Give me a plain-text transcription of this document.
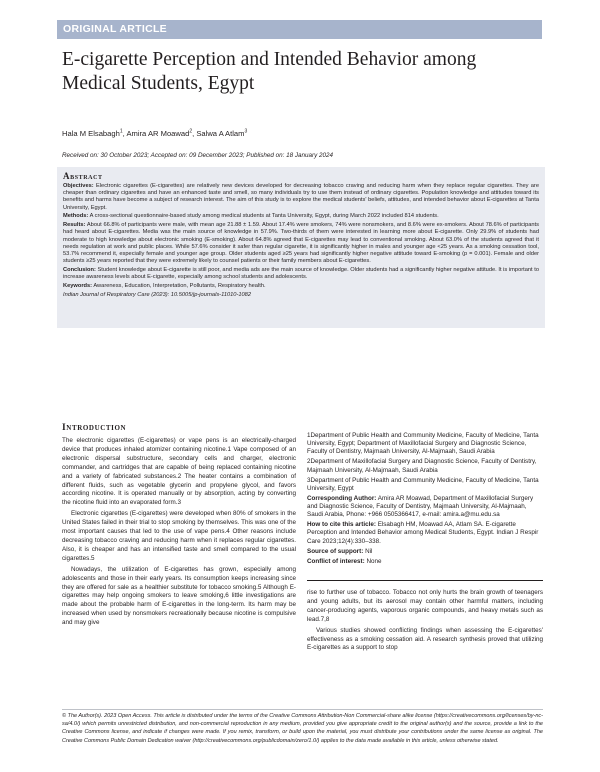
ORIGINAL ARTICLE
E-cigarette Perception and Intended Behavior among Medical Students, Egypt
Hala M Elsabagh$^1$, Amira AR Moawad$^2$, Salwa A Atlam$^3$
Received on: 30 October 2023; Accepted on: 09 December 2023; Published on: 18 January 2024
Abstract

Objectives: Electronic cigarettes (E-cigarettes) are relatively new devices developed for decreasing tobacco craving and reducing harm when they replace regular cigarettes. They are cheaper than ordinary cigarettes and have an enhanced taste and smell, so many individuals try to use them instead of ordinary cigarettes. Population knowledge and attitudes toward its benefits and harms have become a subject of research interest. The aim of this study is to explore the medical students' beliefs, attitudes, and intended behavior about E-cigarettes at Tanta University, Egypt.

Methods: A cross-sectional questionnaire-based study among medical students at Tanta University, Egypt, during March 2022 included 814 students.

Results: About 66.8% of participants were male, with mean age 21.88 ± 1.59. About 17.4% were smokers, 74% were nonsmokers, and 8.6% were ex-smokers. About 78.6% of participants had heard about E-cigarettes. Media was the main source of knowledge in 57.9%. Two-thirds of them were interested in learning more about E-cigarette. Only 29.9% of students had moderate to high knowledge about electronic smoking (E-smoking). About 64.8% agreed that E-cigarettes may lead to conventional smoking. About 63.0% of the students agreed that it needs regulation at work and public places. While 57.6% consider it safer than regular cigarette, it is significantly higher in males and younger age <25 years. As a smoking cessation tool, 53.7% recommend it, especially female and younger age group. Older students aged ≥25 years had significantly higher negative attitude toward E-smoking (p = 0.001). Female and older students ≥25 years reported that they were extremely likely to counsel patients or their family members about E-cigarettes.

Conclusion: Student knowledge about E-cigarette is still poor, and media ads are the main source of knowledge. Older students had a significantly higher negative attitude. It is important to increase awareness levels about E-cigarette, especially among school students and adolescents.

Keywords: Awareness, Education, Interpretation, Pollutants, Respiratory health.

Indian Journal of Respiratory Care (2023): 10.5005/jp-journals-11010-1082
Introduction

The electronic cigarettes (E-cigarettes) or vape pens is an electrically-charged device that produces inhaled atomizer containing nicotine.1 Vape composed of an electronic dispersal substructure, secondary cells and charger, electronic commander, and cartridges that are capable of being replaced containing nicotine and a variety of fabricated substances.2 The heater contains a combination of different fluids, such as vegetable glycerin and propylene glycol, and favors according nicotine. It is operated manually or by absorption, acting by converting the nicotine fluid into an evaporated form.3

Electronic cigarettes (E-cigarettes) were developed when 80% of smokers in the United States failed in their trial to stop smoking by themselves. This was one of the most important causes that led to the use of vape pens.4 Other reasons include decreasing tobacco craving and reducing harm when it replaces regular cigarettes. Also, it is cheaper and has an intensified taste and smell compared to the usual cigarettes.5

Nowadays, the utilization of E-cigarettes has grown, especially among adolescents and those in their early years. Its consumption keeps increasing since they are offered for sale as a healthier substitute for tobacco smoking.5 Although E-cigarettes may help ongoing smokers to leave smoking,6 little investigations are made about the probable harm of E-cigarettes in the long-term. Its harm may be increased when used by nonsmokers recreationally because nicotine is compulsive and may give

1Department of Public Health and Community Medicine, Faculty of Medicine, Tanta University, Egypt; Department of Maxillofacial Surgery and Diagnostic Science, Faculty of Dentistry, Majmaah University, Al-Majmaah, Saudi Arabia

2Department of Maxillofacial Surgery and Diagnostic Science, Faculty of Dentistry, Majmaah University, Al-Majmaah, Saudi Arabia

3Department of Public Health and Community Medicine, Faculty of Medicine, Tanta University, Egypt

Corresponding Author: Amira AR Moawad, Department of Maxillofacial Surgery and Diagnostic Science, Faculty of Dentistry, Majmaah University, Al-Majmaah, Saudi Arabia, Phone: +966 0505366417, e-mail: amira.a@mu.edu.sa

How to cite this article: Elsabagh HM, Moawad AA, Atlam SA. E-cigarette Perception and Intended Behavior among Medical Students, Egypt. Indian J Respir Care 2023;12(4):330–338.

Source of support: Nil

Conflict of interest: None

rise to further use of tobacco. Tobacco not only hurts the brain growth of teenagers and young adults, but its aerosol may contain other harmful matters, including cancer-producing agents, vaporous organic compounds, and heavy metals such as lead.7,8

Various studies showed conflicting findings when assessing the E-cigarettes' effectiveness as a smoking cessation aid. A research synthesis proved that utilizing E-cigarettes as a support to stop

© The Author(s). 2023 Open Access. This article is distributed under the terms of the Creative Commons Attribution-Non Commercial-share alike license (https://creativecommons.org/licenses/by-nc-sa/4.0/) which permits unrestricted distribution, and non-commercial reproduction in any medium, provided you give appropriate credit to the original author(s) and the source, provide a link to the Creative Commons license, and indicate if changes were made. If you remix, transform, or build upon the material, you must distribute your contributions under the same license as original. The Creative Commons Public Domain Dedication waiver (http://creativecommons.org/publicdomain/zero/1.0/) applies to the data made available in this article, unless otherwise stated.
